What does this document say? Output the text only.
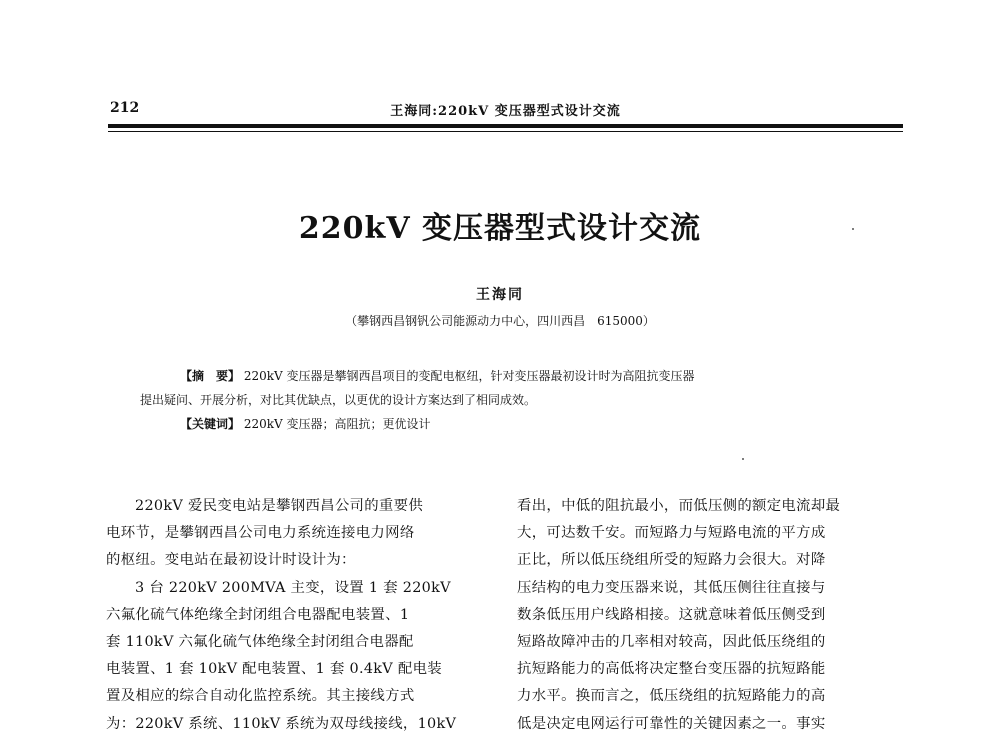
212	王海同:220kV 变压器型式设计交流
220kV 变压器型式设计交流
王海同
（攀钢西昌钢钒公司能源动力中心，四川西昌　615000）
【摘　要】 220kV 变压器是攀钢西昌项目的变配电枢纽，针对变压器最初设计时为高阻抗变压器
提出疑问、开展分析，对比其优缺点，以更优的设计方案达到了相同成效。
【关键词】 220kV 变压器；高阻抗；更优设计
220kV 爱民变电站是攀钢西昌公司的重要供
电环节，是攀钢西昌公司电力系统连接电力网络
的枢纽。变电站在最初设计时设计为：
3 台 220kV 200MVA 主变，设置 1 套 220kV
六氟化硫气体绝缘全封闭组合电器配电装置、1
套 110kV 六氟化硫气体绝缘全封闭组合电器配
电装置、1 套 10kV 配电装置、1 套 0.4kV 配电装
置及相应的综合自动化监控系统。其主接线方式
为：220kV 系统、110kV 系统为双母线接线，10kV
看出，中低的阻抗最小，而低压侧的额定电流却最
大，可达数千安。而短路力与短路电流的平方成
正比，所以低压绕组所受的短路力会很大。对降
压结构的电力变压器来说，其低压侧往往直接与
数条低压用户线路相接。这就意味着低压侧受到
短路故障冲击的几率相对较高，因此低压绕组的
抗短路能力的高低将决定整台变压器的抗短路能
力水平。换而言之，低压绕组的抗短路能力的高
低是决定电网运行可靠性的关键因素之一。事实
